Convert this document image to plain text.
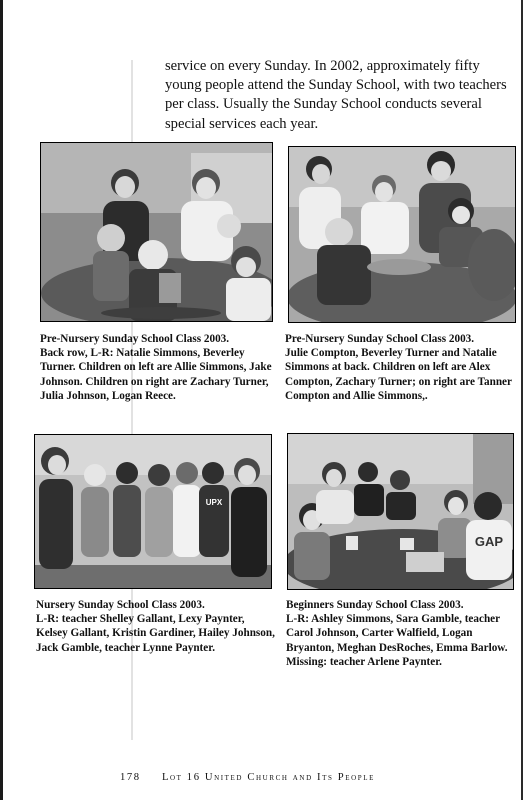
service on every Sunday. In 2002, approximately fifty young people attend the Sunday School, with two teachers per class. Usually the Sunday School conducts several special services each year.

Pre-Nursery Sunday School Class 2003.
Back row, L-R: Natalie Simmons, Beverley Turner. Children on left are Allie Simmons, Jake Johnson. Children on right are Zachary Turner, Julia Johnson, Logan Reece.

Pre-Nursery Sunday School Class 2003.
Julie Compton, Beverley Turner and Natalie Simmons at back. Children on left are Alex Compton, Zachary Turner; on right are Tanner Compton and Allie Simmons,.

UPX

Nursery Sunday School Class 2003.
L-R: teacher Shelley Gallant, Lexy Paynter, Kelsey Gallant, Kristin Gardiner, Hailey Johnson, Jack Gamble, teacher Lynne Paynter.

GAP

Beginners Sunday School Class 2003.
L-R: Ashley Simmons, Sara Gamble, teacher Carol Johnson, Carter Walfield, Logan Bryanton, Meghan DesRoches, Emma Barlow. Missing: teacher Arlene Paynter.

178 Lot 16 United Church and Its People
